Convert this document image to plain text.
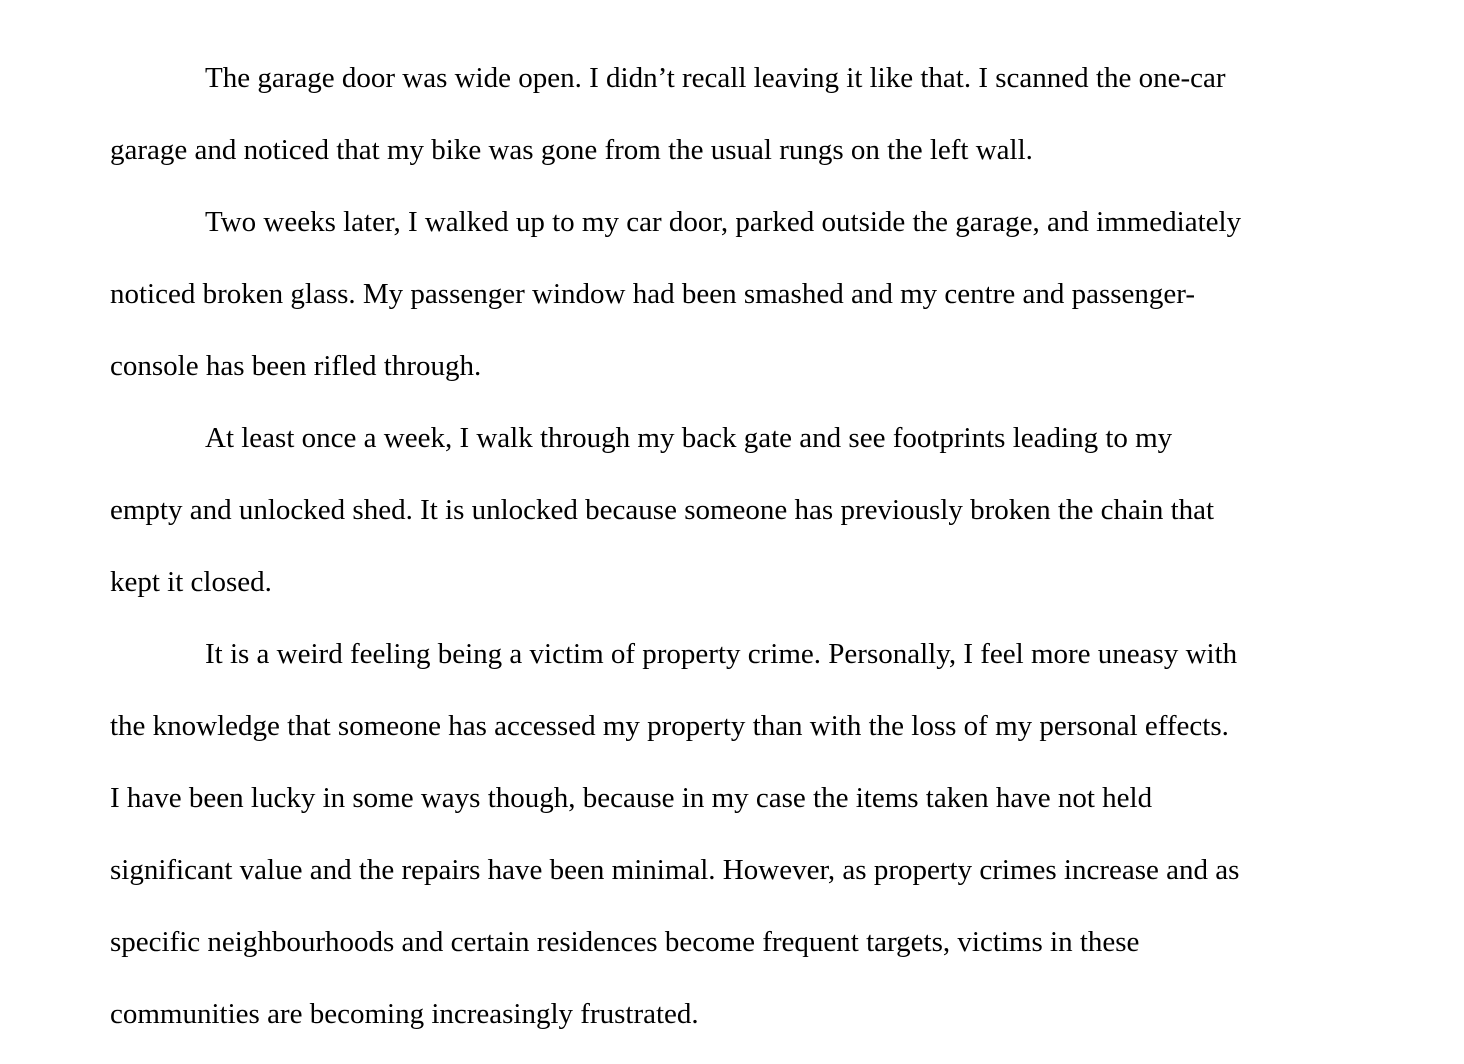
The garage door was wide open. I didn’t recall leaving it like that. I scanned the one-car

garage and noticed that my bike was gone from the usual rungs on the left wall.

Two weeks later, I walked up to my car door, parked outside the garage, and immediately

noticed broken glass. My passenger window had been smashed and my centre and passenger-

console has been rifled through.

At least once a week, I walk through my back gate and see footprints leading to my

empty and unlocked shed. It is unlocked because someone has previously broken the chain that

kept it closed.

It is a weird feeling being a victim of property crime. Personally, I feel more uneasy with

the knowledge that someone has accessed my property than with the loss of my personal effects.

I have been lucky in some ways though, because in my case the items taken have not held

significant value and the repairs have been minimal. However, as property crimes increase and as

specific neighbourhoods and certain residences become frequent targets, victims in these

communities are becoming increasingly frustrated.
